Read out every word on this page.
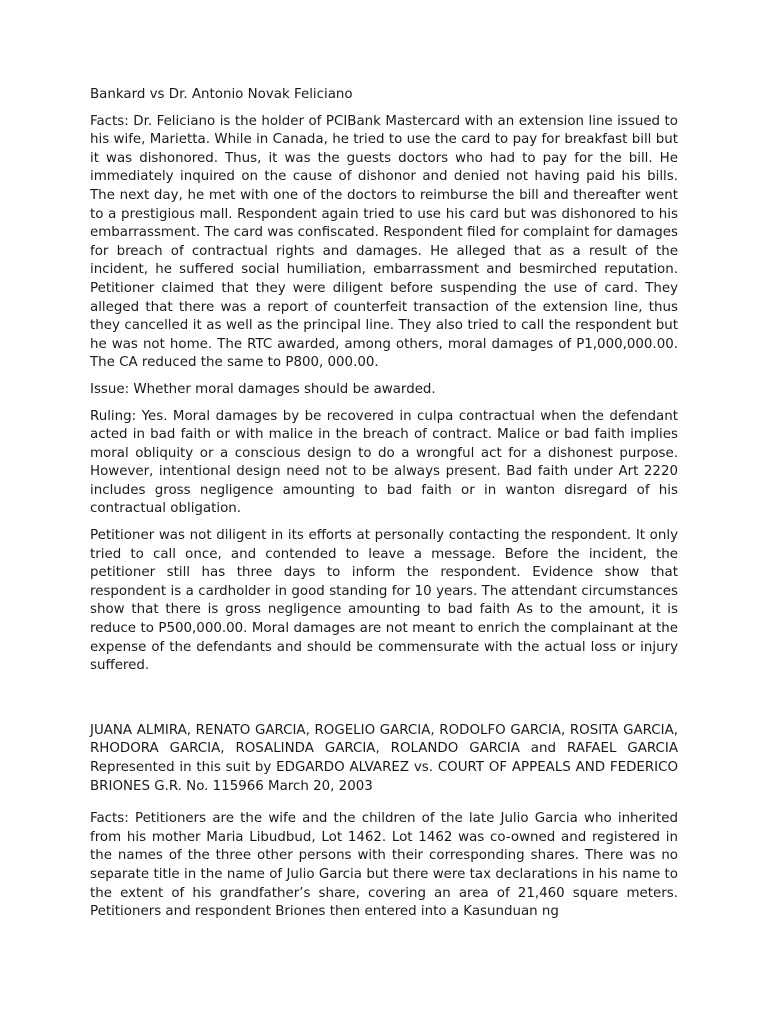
Bankard vs Dr. Antonio Novak Feliciano

Facts: Dr. Feliciano is the holder of PCIBank Mastercard with an extension line issued to his wife, Marietta. While in Canada, he tried to use the card to pay for breakfast bill but it was dishonored. Thus, it was the guests doctors who had to pay for the bill. He immediately inquired on the cause of dishonor and denied not having paid his bills. The next day, he met with one of the doctors to reimburse the bill and thereafter went to a prestigious mall. Respondent again tried to use his card but was dishonored to his embarrassment. The card was confiscated. Respondent filed for complaint for damages for breach of contractual rights and damages. He alleged that as a result of the incident, he suffered social humiliation, embarrassment and besmirched reputation. Petitioner claimed that they were diligent before suspending the use of card. They alleged that there was a report of counterfeit transaction of the extension line, thus they cancelled it as well as the principal line. They also tried to call the respondent but he was not home. The RTC awarded, among others, moral damages of P1,000,000.00. The CA reduced the same to P800, 000.00.

Issue: Whether moral damages should be awarded.

Ruling: Yes. Moral damages by be recovered in culpa contractual when the defendant acted in bad faith or with malice in the breach of contract. Malice or bad faith implies moral obliquity or a conscious design to do a wrongful act for a dishonest purpose. However, intentional design need not to be always present. Bad faith under Art 2220 includes gross negligence amounting to bad faith or in wanton disregard of his contractual obligation.

Petitioner was not diligent in its efforts at personally contacting the respondent. It only tried to call once, and contended to leave a message. Before the incident, the petitioner still has three days to inform the respondent. Evidence show that respondent is a cardholder in good standing for 10 years. The attendant circumstances show that there is gross negligence amounting to bad faith As to the amount, it is reduce to P500,000.00. Moral damages are not meant to enrich the complainant at the expense of the defendants and should be commensurate with the actual loss or injury suffered.

JUANA ALMIRA, RENATO GARCIA, ROGELIO GARCIA, RODOLFO GARCIA, ROSITA GARCIA, RHODORA GARCIA, ROSALINDA GARCIA, ROLANDO GARCIA and RAFAEL GARCIA Represented in this suit by EDGARDO ALVAREZ vs. COURT OF APPEALS AND FEDERICO BRIONES G.R. No. 115966 March 20, 2003

Facts: Petitioners are the wife and the children of the late Julio Garcia who inherited from his mother Maria Libudbud, Lot 1462. Lot 1462 was co-owned and registered in the names of the three other persons with their corresponding shares. There was no separate title in the name of Julio Garcia but there were tax declarations in his name to the extent of his grandfather’s share, covering an area of 21,460 square meters. Petitioners and respondent Briones then entered into a Kasunduan ng
